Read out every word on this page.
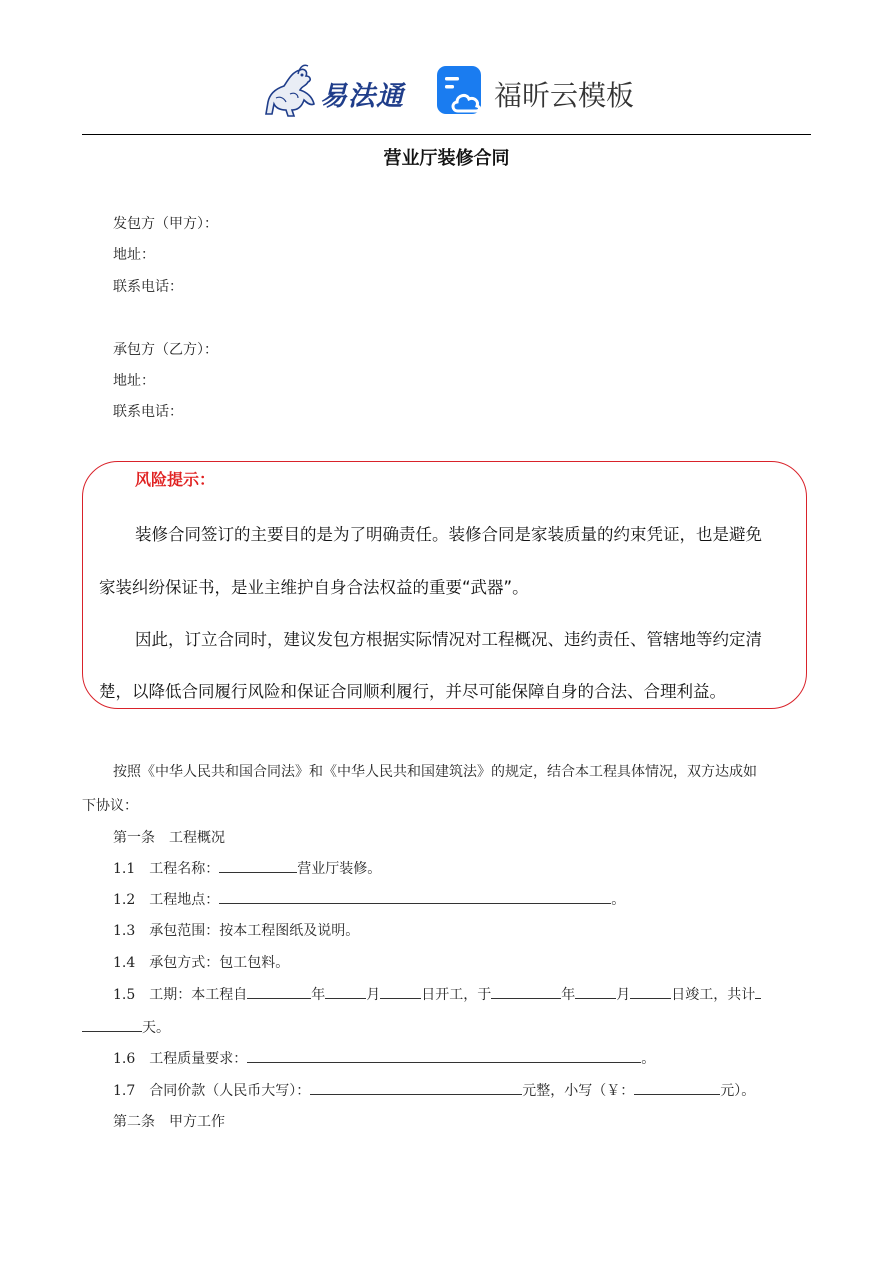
易法通	福昕云模板
营业厅装修合同
发包方（甲方）：
地址：
联系电话：
承包方（乙方）：
地址：
联系电话：
风险提示：
装修合同签订的主要目的是为了明确责任。装修合同是家装质量的约束凭证，也是避免
家装纠纷保证书，是业主维护自身合法权益的重要“武器”。
因此，订立合同时，建议发包方根据实际情况对工程概况、违约责任、管辖地等约定清
楚，以降低合同履行风险和保证合同顺利履行，并尽可能保障自身的合法、合理利益。
按照《中华人民共和国合同法》和《中华人民共和国建筑法》的规定，结合本工程具体情况，双方达成如
下协议：
第一条　工程概况
1.1　工程名称：	营业厅装修。
1.2　工程地点：	。
1.3　承包范围：按本工程图纸及说明。
1.4　承包方式：包工包料。
1.5　工期：本工程自	年	月	日开工，于	年	月	日竣工，共计
天。
1.6　工程质量要求：	。
1.7　合同价款（人民币大写）：	元整，小写（￥：	元）。
第二条　甲方工作
